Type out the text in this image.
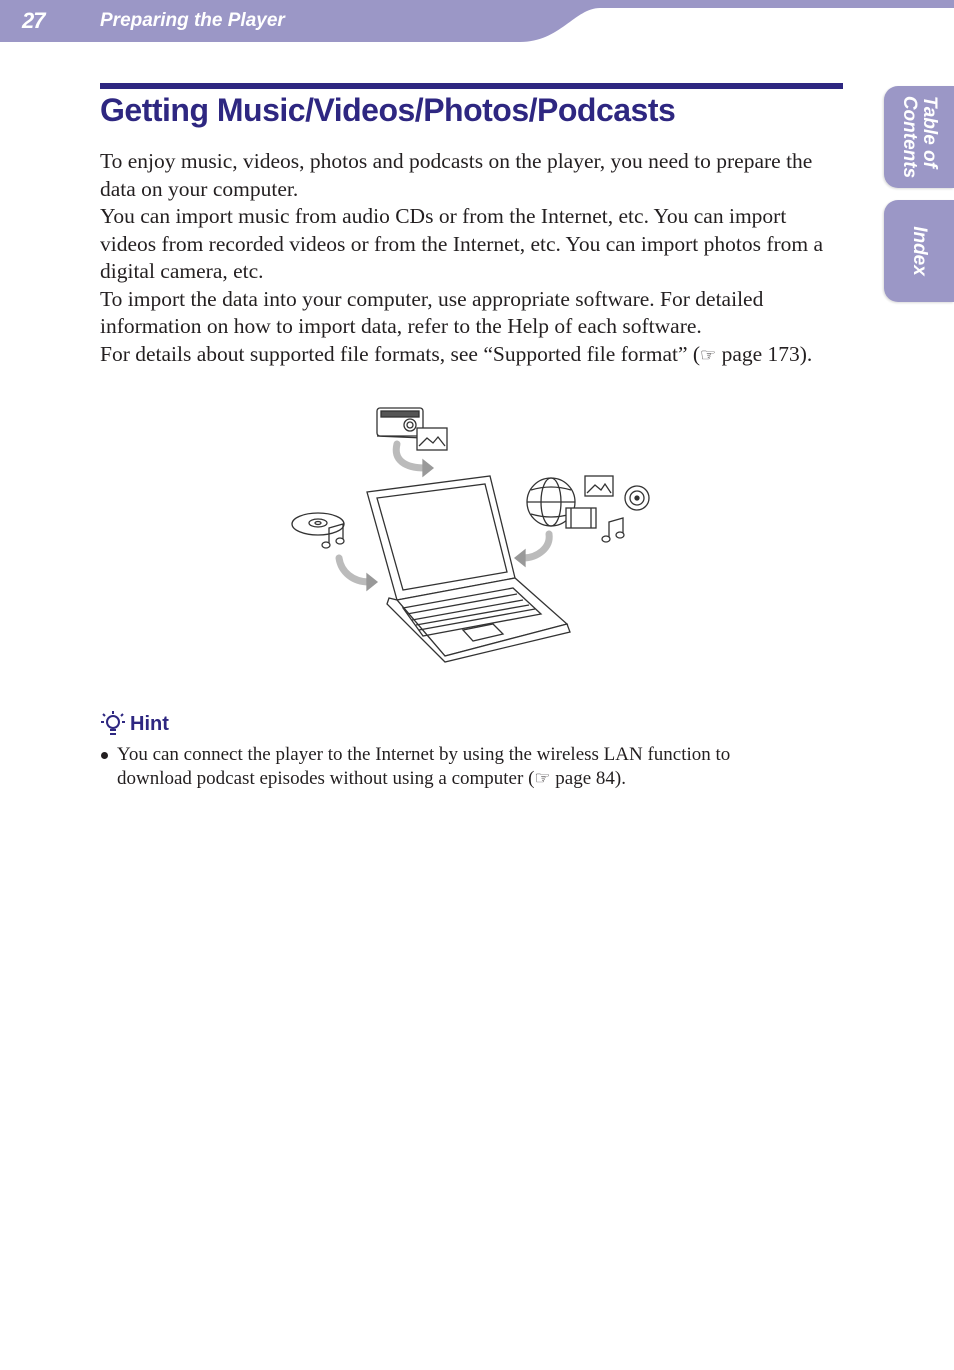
27	Preparing the Player
Table of
Contents
Index
Getting Music/Videos/Photos/Podcasts

To enjoy music, videos, photos and podcasts on the player, you need to prepare the data on your computer.

You can import music from audio CDs or from the Internet, etc. You can import videos from recorded videos or from the Internet, etc. You can import photos from a digital camera, etc.

To import the data into your computer, use appropriate software. For detailed information on how to import data, refer to the Help of each software.

For details about supported file formats, see “Supported file format” (☞ page 173).

Hint
You can connect the player to the Internet by using the wireless LAN function to download podcast episodes without using a computer (☞ page 84).
